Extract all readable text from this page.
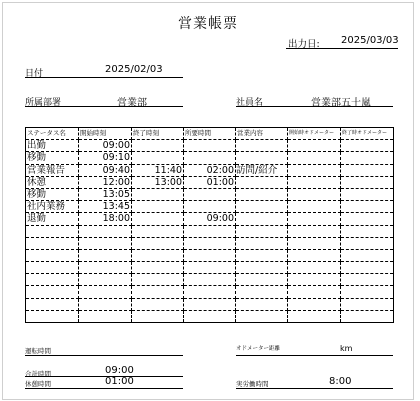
営業帳票
出力日: 2025/03/03
日付	2025/02/03
所属部署	営業部	社員名	営業部五十嵐
ステータス名	開始時刻	終了時刻	所要時間	営業内容	開始時オドメーター	終了時オドメーター
出勤	09:00					
移動	09:10					
営業報告	09:40	11:40	02:00	訪問/紹介		
休憩	12:00	13:00	01:00			
移動	13:05					
社内業務	13:45					
退勤	18:00		09:00			

運転時間	オドメーター距離	km
合計時間	09:00
休憩時間	01:00	実労働時間	8:00
